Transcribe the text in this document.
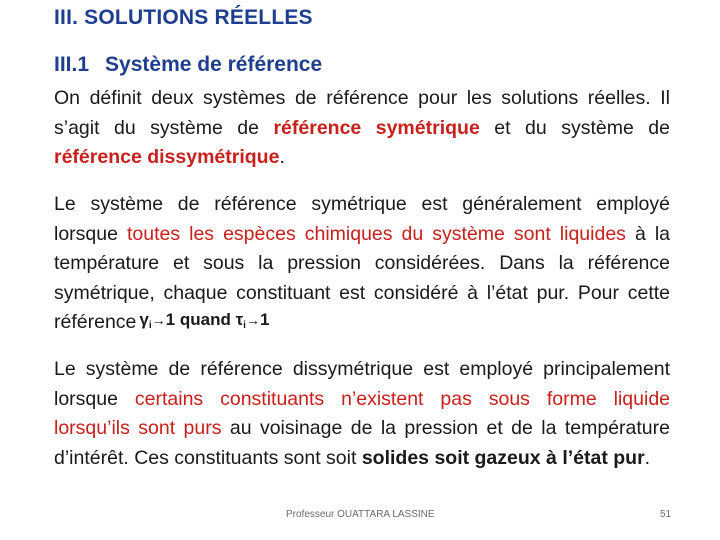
III. SOLUTIONS RÉELLES
III.1 Système de référence

On définit deux systèmes de référence pour les solutions réelles. Il s’agit du système de référence symétrique et du système de référence dissymétrique.

Le système de référence symétrique est généralement employé lorsque toutes les espèces chimiques du système sont liquides à la température et sous la pression considérées. Dans la référence symétrique, chaque constituant est considéré à l’état pur. Pour cette référence γi→1 quand τi→1

Le système de référence dissymétrique est employé principalement lorsque certains constituants n’existent pas sous forme liquide lorsqu’ils sont purs au voisinage de la pression et de la température d’intérêt. Ces constituants sont soit solides soit gazeux à l’état pur.

Professeur OUATTARA LASSINE	51
